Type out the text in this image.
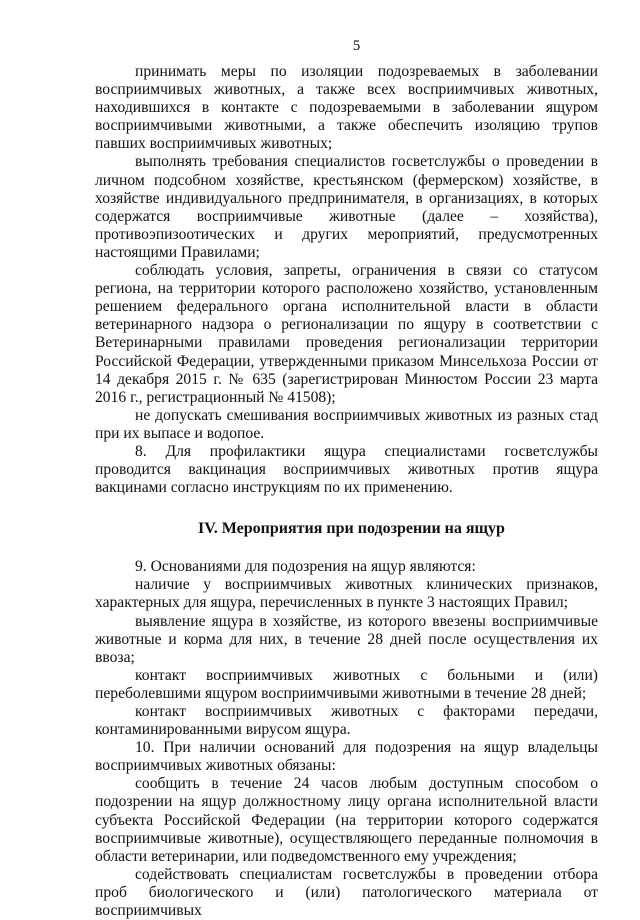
5

принимать меры по изоляции подозреваемых в заболевании восприимчивых животных, а также всех восприимчивых животных, находившихся в контакте с подозреваемыми в заболевании ящуром восприимчивыми животными, а также обеспечить изоляцию трупов павших восприимчивых животных;

выполнять требования специалистов госветслужбы о проведении в личном подсобном хозяйстве, крестьянском (фермерском) хозяйстве, в хозяйстве индивидуального предпринимателя, в организациях, в которых содержатся восприимчивые животные (далее – хозяйства), противоэпизоотических и других мероприятий, предусмотренных настоящими Правилами;

соблюдать условия, запреты, ограничения в связи со статусом региона, на территории которого расположено хозяйство, установленным решением федерального органа исполнительной власти в области ветеринарного надзора о регионализации по ящуру в соответствии с Ветеринарными правилами проведения регионализации территории Российской Федерации, утвержденными приказом Минсельхоза России от 14 декабря 2015 г. № 635 (зарегистрирован Минюстом России 23 марта 2016 г., регистрационный № 41508);

не допускать смешивания восприимчивых животных из разных стад при их выпасе и водопое.

8. Для профилактики ящура специалистами госветслужбы проводится вакцинация восприимчивых животных против ящура вакцинами согласно инструкциям по их применению.

IV. Мероприятия при подозрении на ящур

9. Основаниями для подозрения на ящур являются:

наличие у восприимчивых животных клинических признаков, характерных для ящура, перечисленных в пункте 3 настоящих Правил;

выявление ящура в хозяйстве, из которого ввезены восприимчивые животные и корма для них, в течение 28 дней после осуществления их ввоза;

контакт восприимчивых животных с больными и (или) переболевшими ящуром восприимчивыми животными в течение 28 дней;

контакт восприимчивых животных с факторами передачи, контаминированными вирусом ящура.

10. При наличии оснований для подозрения на ящур владельцы восприимчивых животных обязаны:

сообщить в течение 24 часов любым доступным способом о подозрении на ящур должностному лицу органа исполнительной власти субъекта Российской Федерации (на территории которого содержатся восприимчивые животные), осуществляющего переданные полномочия в области ветеринарии, или подведомственного ему учреждения;

содействовать специалистам госветслужбы в проведении отбора проб биологического и (или) патологического материала от восприимчивых
